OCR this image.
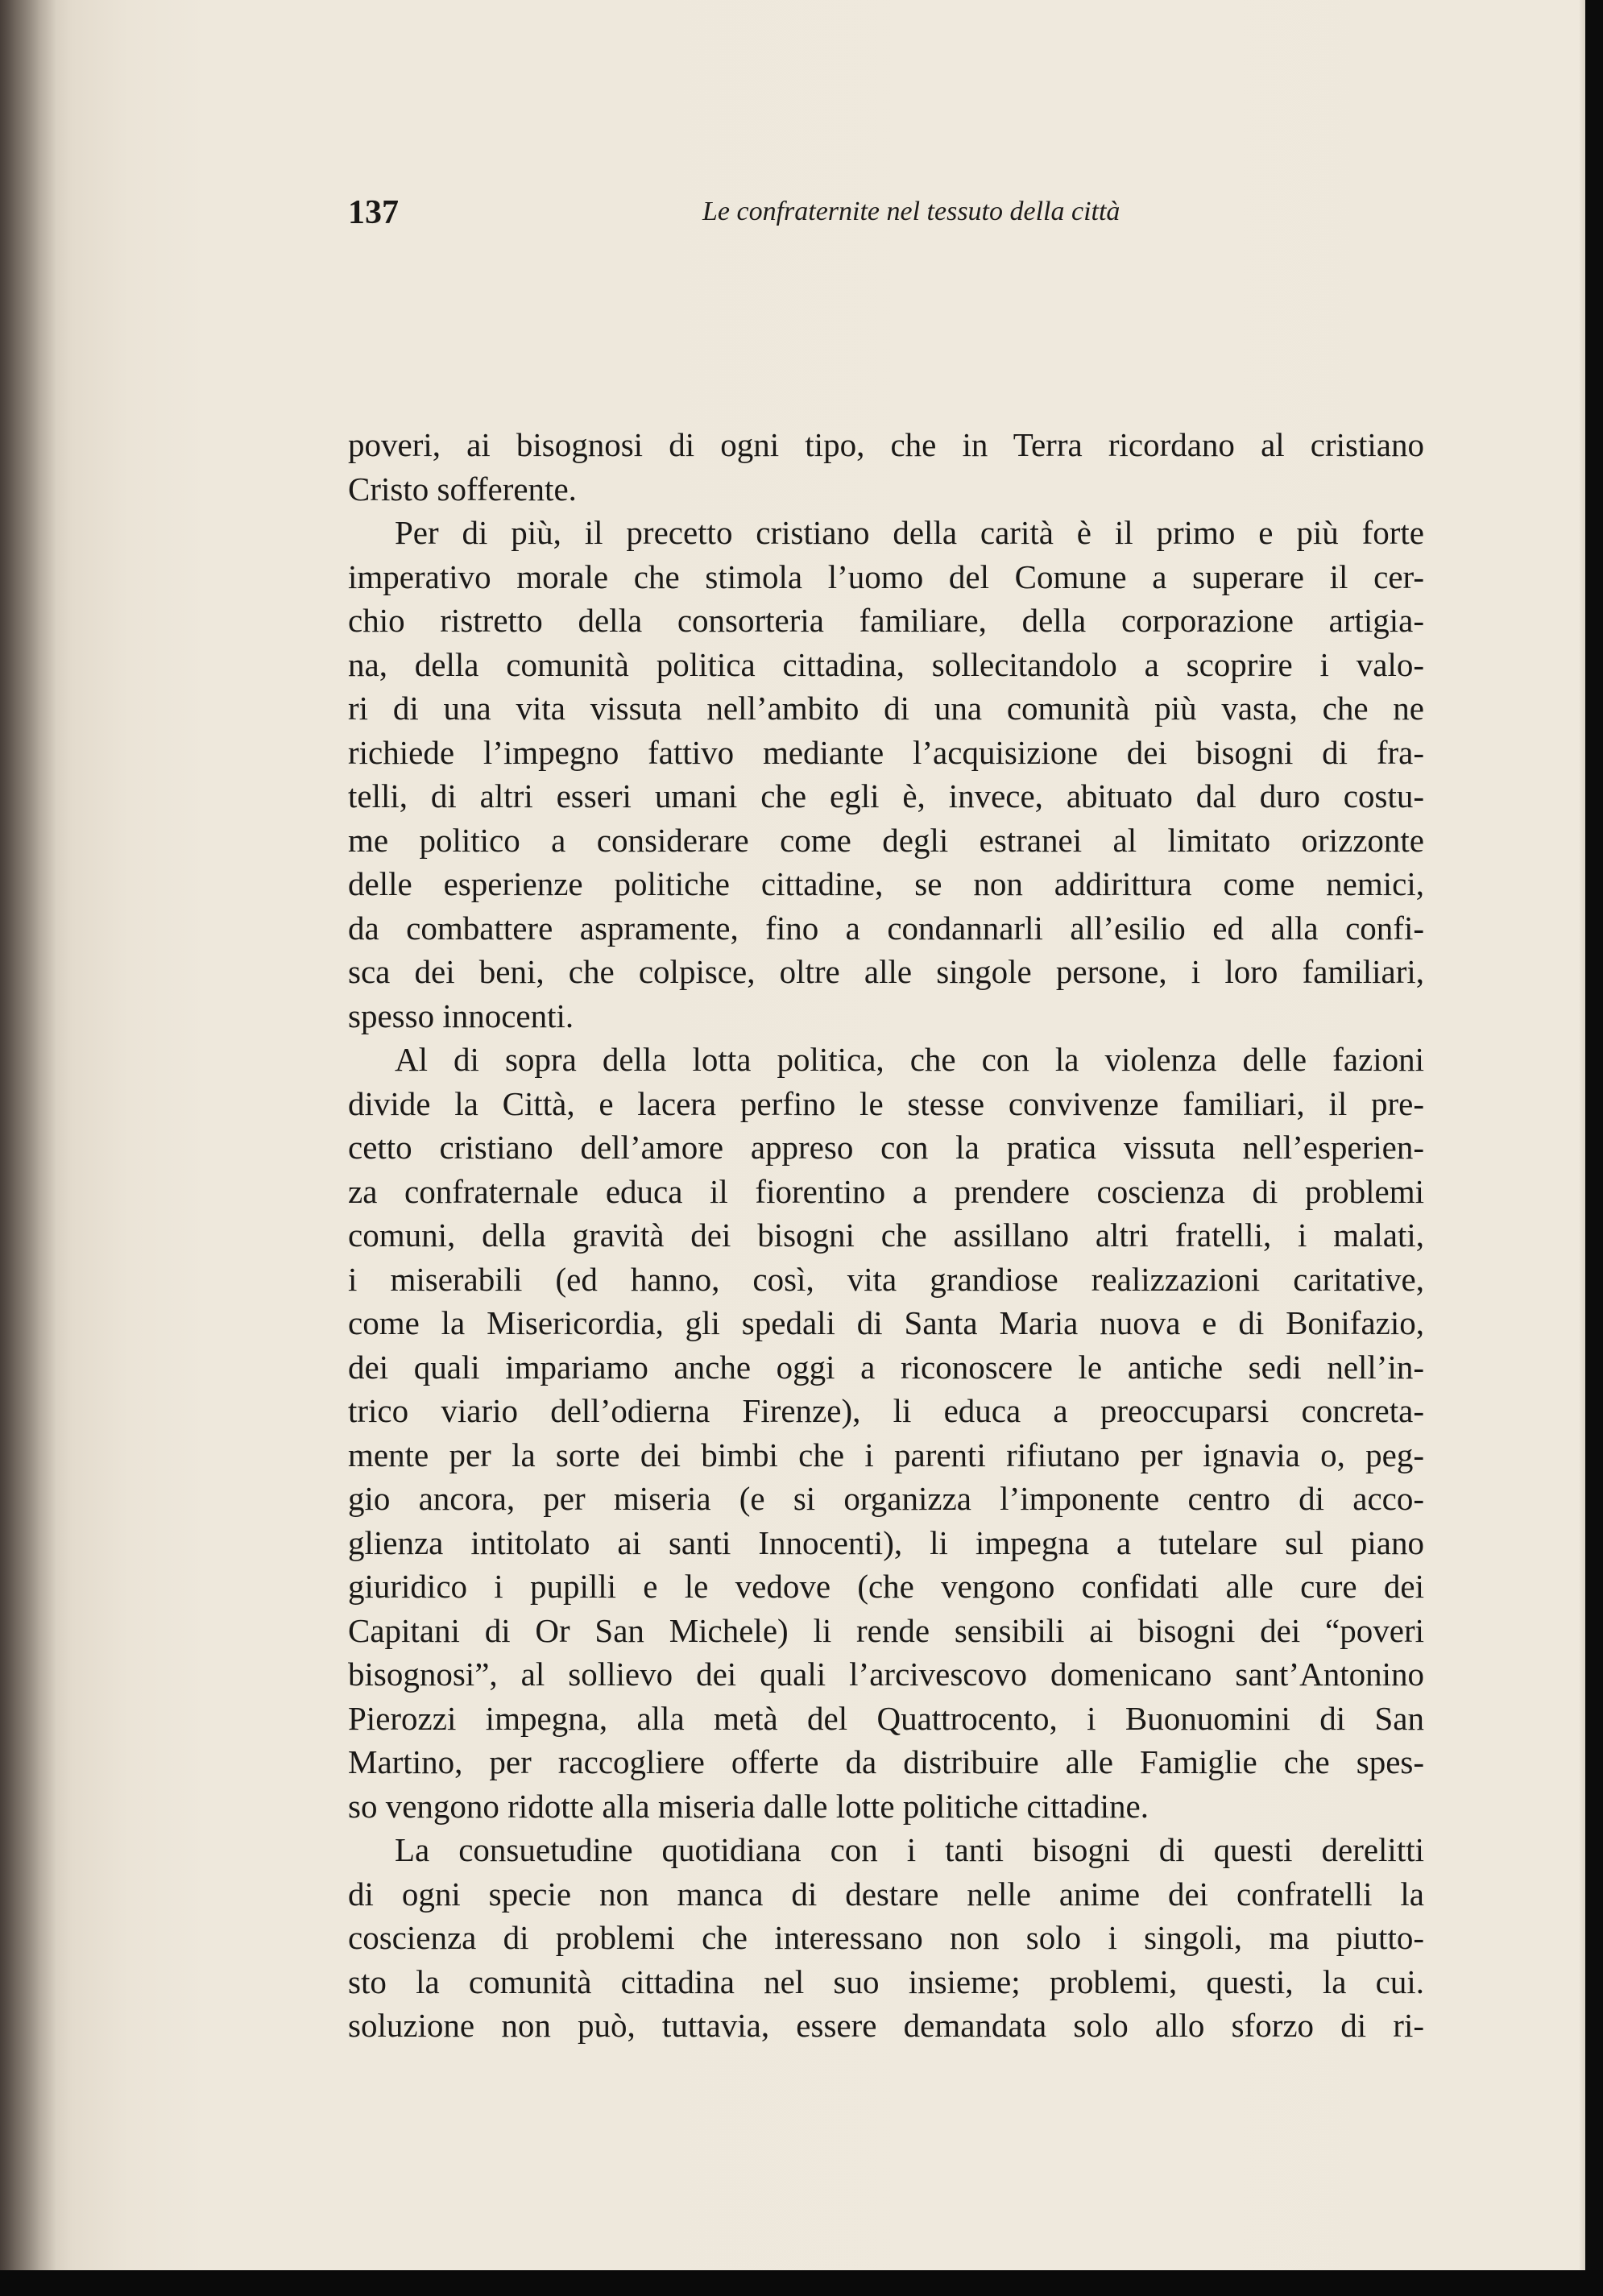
137	Le confraternite nel tessuto della città
poveri, ai bisognosi di ogni tipo, che in Terra ricordano al cristiano
Cristo sofferente.
Per di più, il precetto cristiano della carità è il primo e più forte
imperativo morale che stimola l’uomo del Comune a superare il cer-
chio ristretto della consorteria familiare, della corporazione artigia-
na, della comunità politica cittadina, sollecitandolo a scoprire i valo-
ri di una vita vissuta nell’ambito di una comunità più vasta, che ne
richiede l’impegno fattivo mediante l’acquisizione dei bisogni di fra-
telli, di altri esseri umani che egli è, invece, abituato dal duro costu-
me politico a considerare come degli estranei al limitato orizzonte
delle esperienze politiche cittadine, se non addirittura come nemici,
da combattere aspramente, fino a condannarli all’esilio ed alla confi-
sca dei beni, che colpisce, oltre alle singole persone, i loro familiari,
spesso innocenti.
Al di sopra della lotta politica, che con la violenza delle fazioni
divide la Città, e lacera perfino le stesse convivenze familiari, il pre-
cetto cristiano dell’amore appreso con la pratica vissuta nell’esperien-
za confraternale educa il fiorentino a prendere coscienza di problemi
comuni, della gravità dei bisogni che assillano altri fratelli, i malati,
i miserabili (ed hanno, così, vita grandiose realizzazioni caritative,
come la Misericordia, gli spedali di Santa Maria nuova e di Bonifazio,
dei quali impariamo anche oggi a riconoscere le antiche sedi nell’in-
trico viario dell’odierna Firenze), li educa a preoccuparsi concreta-
mente per la sorte dei bimbi che i parenti rifiutano per ignavia o, peg-
gio ancora, per miseria (e si organizza l’imponente centro di acco-
glienza intitolato ai santi Innocenti), li impegna a tutelare sul piano
giuridico i pupilli e le vedove (che vengono confidati alle cure dei
Capitani di Or San Michele) li rende sensibili ai bisogni dei “poveri
bisognosi”, al sollievo dei quali l’arcivescovo domenicano sant’Antonino
Pierozzi impegna, alla metà del Quattrocento, i Buonuomini di San
Martino, per raccogliere offerte da distribuire alle Famiglie che spes-
so vengono ridotte alla miseria dalle lotte politiche cittadine.
La consuetudine quotidiana con i tanti bisogni di questi derelitti
di ogni specie non manca di destare nelle anime dei confratelli la
coscienza di problemi che interessano non solo i singoli, ma piutto-
sto la comunità cittadina nel suo insieme; problemi, questi, la cui.
soluzione non può, tuttavia, essere demandata solo allo sforzo di ri-
